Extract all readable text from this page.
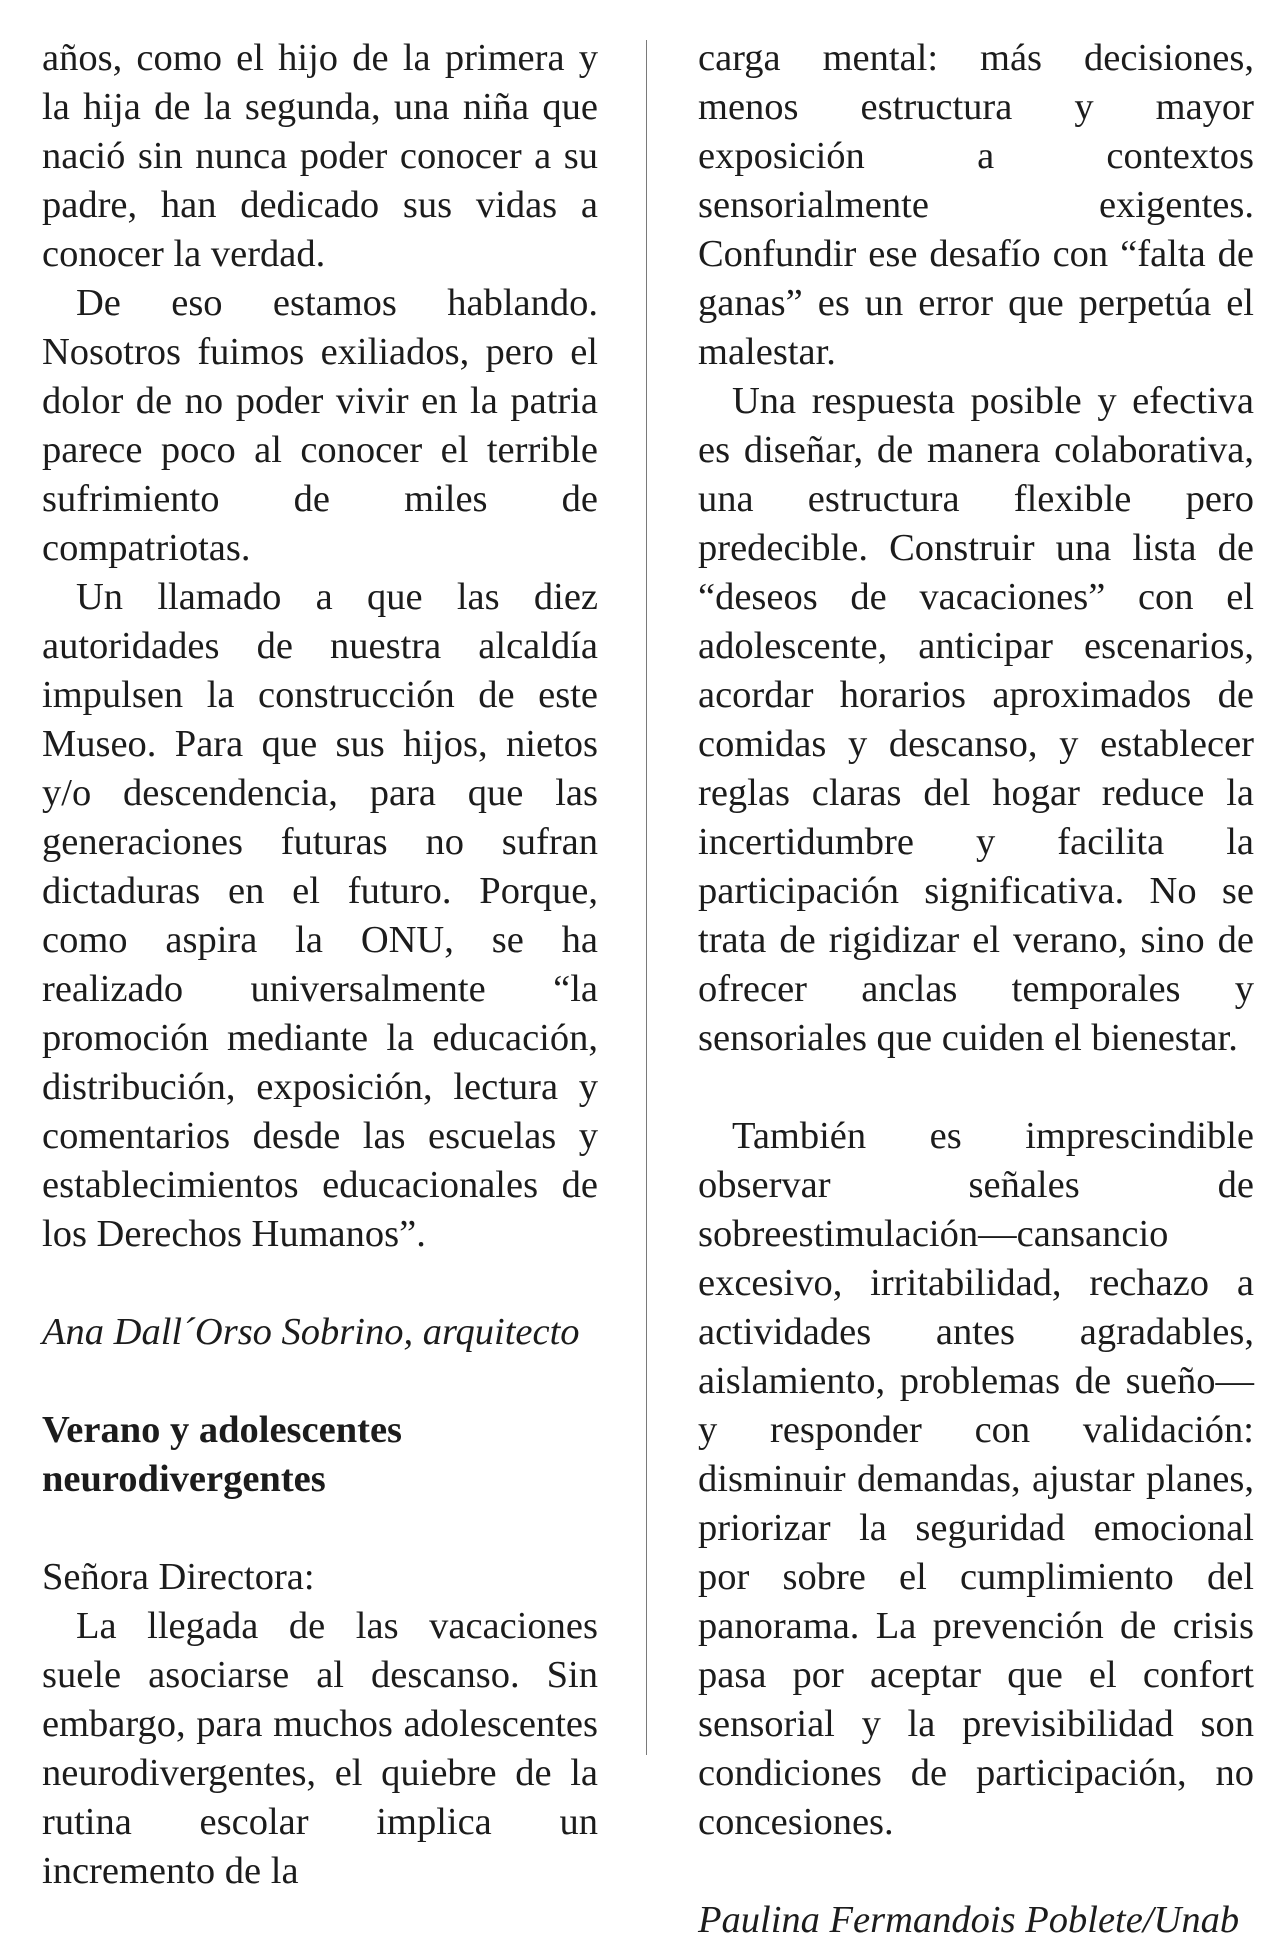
años, como el hijo de la primera y la hija de la segunda, una niña que nació sin nunca poder conocer a su padre, han dedicado sus vidas a conocer la verdad.

De eso estamos hablando. Nosotros fuimos exiliados, pero el dolor de no poder vivir en la patria parece poco al conocer el terrible sufrimiento de miles de compatriotas.

Un llamado a que las diez autoridades de nuestra alcaldía impulsen la construcción de este Museo. Para que sus hijos, nietos y/o descendencia, para que las generaciones futuras no sufran dictaduras en el futuro. Porque, como aspira la ONU, se ha realizado universalmente “la promoción mediante la educación, distribución, exposición, lectura y comentarios desde las escuelas y establecimientos educacionales de los Derechos Humanos”.

Ana Dall´Orso Sobrino, arquitecto

Verano y adolescentes neurodivergentes

Señora Directora:

La llegada de las vacaciones suele asociarse al descanso. Sin embargo, para muchos adolescentes neurodivergentes, el quiebre de la rutina escolar implica un incremento de la

carga mental: más decisiones, menos estructura y mayor exposición a contextos sensorialmente exigentes. Confundir ese desafío con “falta de ganas” es un error que perpetúa el malestar.

Una respuesta posible y efectiva es diseñar, de manera colaborativa, una estructura flexible pero predecible. Construir una lista de “deseos de vacaciones” con el adolescente, anticipar escenarios, acordar horarios aproximados de comidas y descanso, y establecer reglas claras del hogar reduce la incertidumbre y facilita la participación significativa. No se trata de rigidizar el verano, sino de ofrecer anclas temporales y sensoriales que cuiden el bienestar.

También es imprescindible observar señales de sobreestimulación—cansancio excesivo, irritabilidad, rechazo a actividades antes agradables, aislamiento, problemas de sueño—y responder con validación: disminuir demandas, ajustar planes, priorizar la seguridad emocional por sobre el cumplimiento del panorama. La prevención de crisis pasa por aceptar que el confort sensorial y la previsibilidad son condiciones de participación, no concesiones.

Paulina Fermandois Poblete/Unab
